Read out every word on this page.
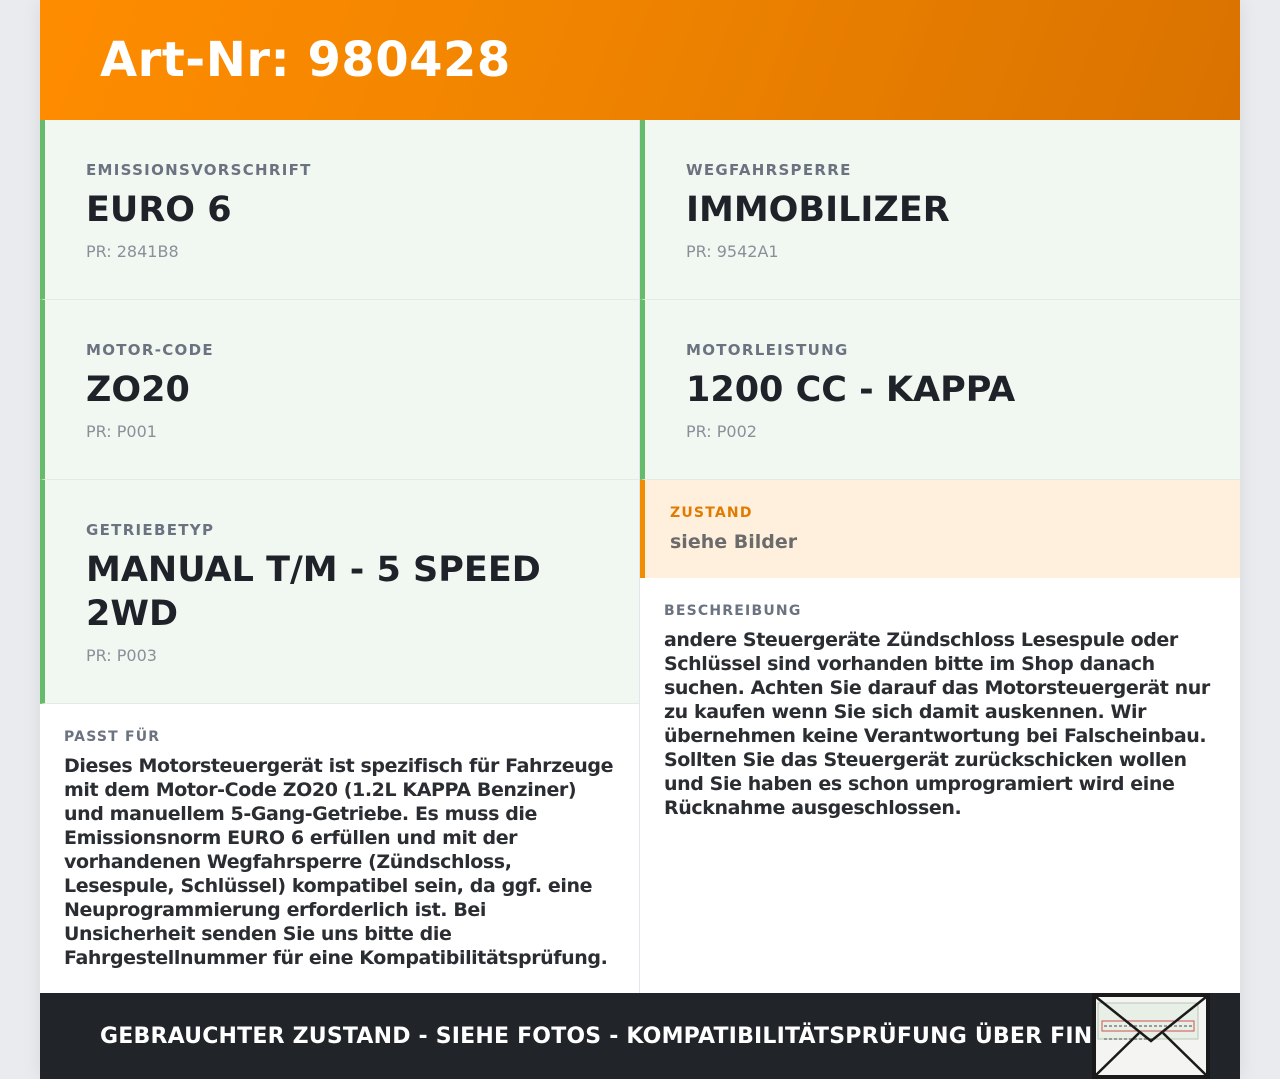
Art-Nr: 980428
EMISSIONSVORSCHRIFT
EURO 6
PR: 2841B8
MOTOR-CODE
ZO20
PR: P001
GETRIEBETYP
MANUAL T/M - 5 SPEED 2WD
PR: P003
PASST FÜR
Dieses Motorsteuergerät ist spezifisch für Fahrzeuge mit dem Motor-Code ZO20 (1.2L KAPPA Benziner) und manuellem 5-Gang-Getriebe. Es muss die Emissionsnorm EURO 6 erfüllen und mit der vorhandenen Wegfahrsperre (Zündschloss, Lesespule, Schlüssel) kompatibel sein, da ggf. eine Neuprogrammierung erforderlich ist. Bei Unsicherheit senden Sie uns bitte die Fahrgestellnummer für eine Kompatibilitätsprüfung.
WEGFAHRSPERRE
IMMOBILIZER
PR: 9542A1
MOTORLEISTUNG
1200 CC - KAPPA
PR: P002
ZUSTAND
siehe Bilder
BESCHREIBUNG
andere Steuergeräte Zündschloss Lesespule oder Schlüssel sind vorhanden bitte im Shop danach suchen. Achten Sie darauf das Motorsteuergerät nur zu kaufen wenn Sie sich damit auskennen. Wir übernehmen keine Verantwortung bei Falscheinbau. Sollten Sie das Steuergerät zurückschicken wollen und Sie haben es schon umprogramiert wird eine Rücknahme ausgeschlossen.
GEBRAUCHTER ZUSTAND - SIEHE FOTOS - KOMPATIBILITÄTSPRÜFUNG ÜBER FIN
